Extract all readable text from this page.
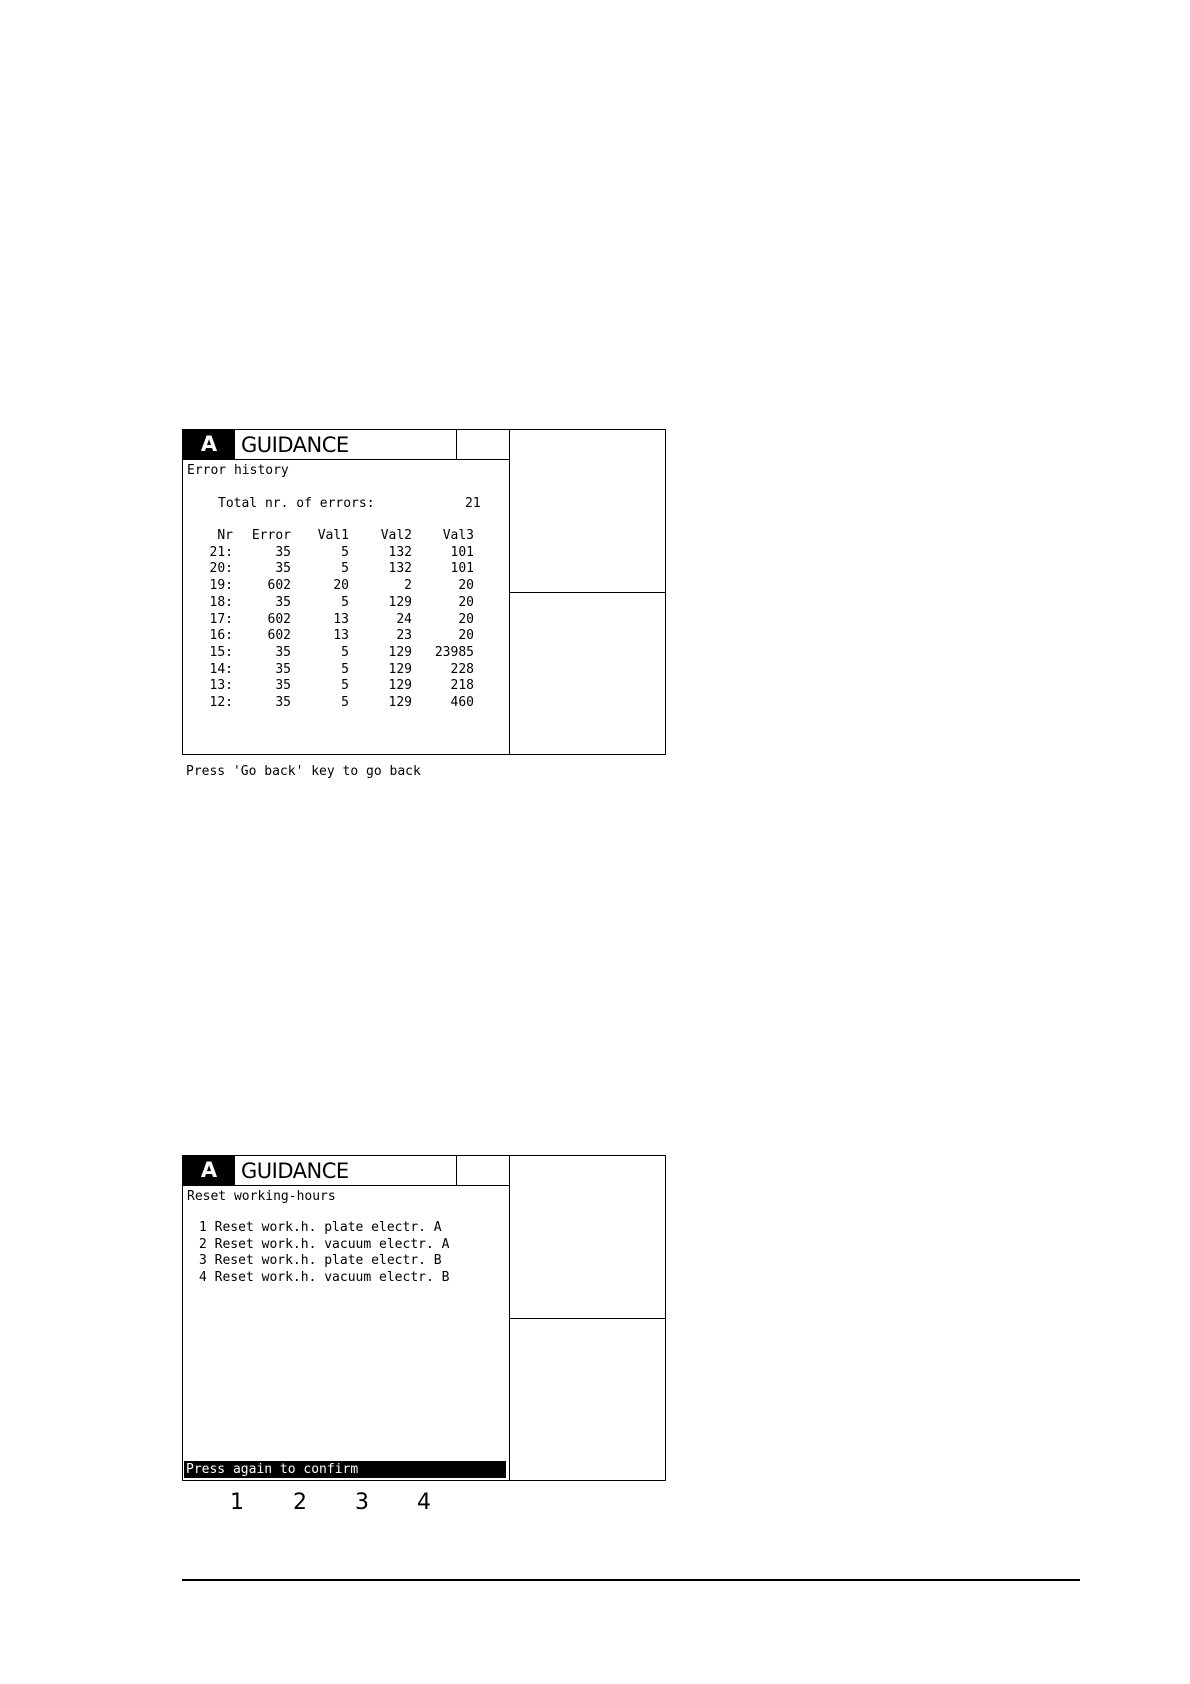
A	GUIDANCE
Error history
Total nr. of errors:	21
Nr	Error	Val1	Val2	Val3
21:	35	5	132	101
20:	35	5	132	101
19:	602	20	2	20
18:	35	5	129	20
17:	602	13	24	20
16:	602	13	23	20
15:	35	5	129	23985
14:	35	5	129	228
13:	35	5	129	218
12:	35	5	129	460
Press 'Go back' key to go back
A	GUIDANCE
Reset working-hours
1 Reset work.h. plate electr. A
2 Reset work.h. vacuum electr. A
3 Reset work.h. plate electr. B
4 Reset work.h. vacuum electr. B
Press again to confirm
1 2 3 4
